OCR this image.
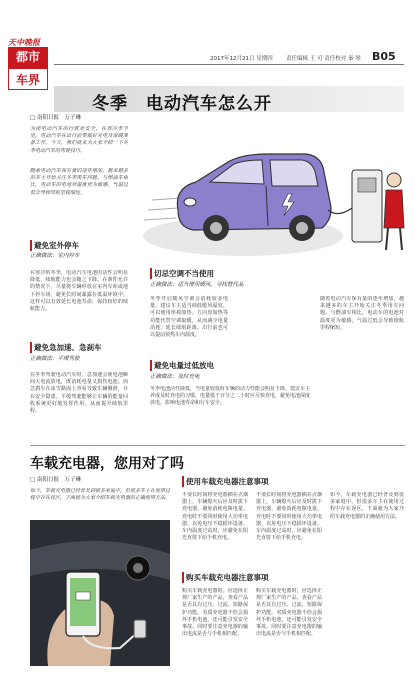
天中晚报
都市
车界
2017年12月21日 星期四 责任编辑 王 可 责任校对 秦 琴 B05
冬季　电动汽车怎么开
□ 南阳日报　万子琳
为使电动汽车的行驶更安全，在寒冷季节里，电动汽车在出行前要做好充电及保暖准备工作。今天，我们就来为大家介绍一下冬季电动汽车的驾驶技巧。
随着电动汽车保有量的逐年增加，越来越多的车主开始关注冬季用车问题。与燃油车相比，电动车的电池对温度更为敏感，气温过低会导致续航里程缩短。
避免室外停车
正确做法：室内停车
在寒冷的冬季，电动汽车电池的活性会明显降低，续航能力也会随之下降。在条件允许的情况下，尽量将车辆停放在室内车库或地下停车场，避免长时间暴露在低温环境中，这样可以有效延长电池寿命，保持较好的续航能力。
避免急加速、急刹车
正确做法：平缓驾驶
在冬季驾驶电动汽车时，急加速会使电池瞬间大电流放电，既消耗电量又损伤电池。而急刹车在冰雪路面上容易导致车辆侧滑，存在安全隐患。平缓驾驶能够让车辆的能量回收系统更好地发挥作用，从而提升续航里程。
切忌空调不当使用
正确做法：适当使用暖风，寻找替代品
冬季开启暖风空调会消耗较多电量。建议车主适当调低暖风温度，可以使用座椅加热、方向盘加热等功能代替空调取暖，从而减少电量消耗，延长续航距离。出行前也可以提前预热车内温度。
避免电量过低放电
正确做法：及时充电
冬季电池活性降低，当电量较低时车辆的动力性能会明显下降。建议车主养成及时充电的习惯，电量低于百分之二十时应尽快充电，避免电池深度放电，影响电池寿命和行车安全。
随着电动汽车保有量的逐年增加，越来越多的车主开始关注冬季用车问题。与燃油车相比，电动车的电池对温度更为敏感，气温过低会导致续航里程缩短。
车载充电器，您用对了吗
□ 南阳日报　万子琳
如今，车载充电器已经普及到很多家庭中，但很多车主在使用过程中存在误区，下面就为大家介绍车载充电器的正确使用方法。
使用车载充电器注意事项
不要长时间将充电器插在点烟器上，车辆熄火后应及时拔下充电器，避免消耗电瓶电量。充电时不要同时使用大功率电器，以免电压不稳损坏设备。车内温度过高时，应避免在阳光直射下给手机充电。
不要长时间将充电器插在点烟器上，车辆熄火后应及时拔下充电器，避免消耗电瓶电量。充电时不要同时使用大功率电器，以免电压不稳损坏设备。车内温度过高时，应避免在阳光直射下给手机充电。
购买车载充电器注意事项
购买车载充电器时，应选择正规厂家生产的产品，查看产品是否具有过压、过流、短路保护功能。劣质充电器不但会损坏手机电池，还可能引发安全事故。同时要注意充电器的输出电流是否与手机相匹配。
购买车载充电器时，应选择正规厂家生产的产品，查看产品是否具有过压、过流、短路保护功能。劣质充电器不但会损坏手机电池，还可能引发安全事故。同时要注意充电器的输出电流是否与手机相匹配。
如今，车载充电器已经普及到很多家庭中，但很多车主在使用过程中存在误区，下面就为大家介绍车载充电器的正确使用方法。
